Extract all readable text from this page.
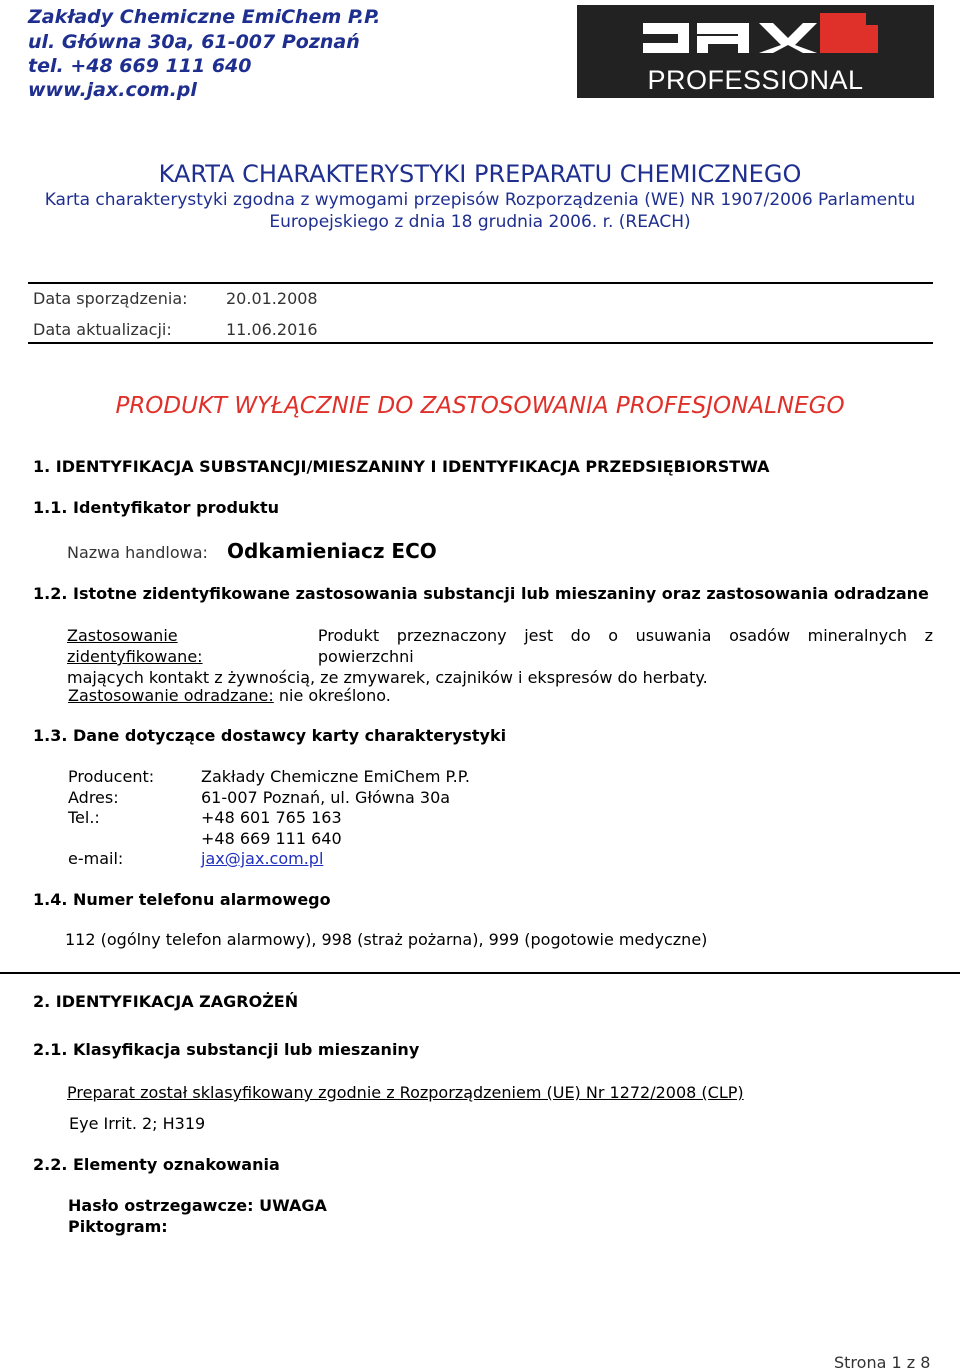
Zakłady Chemiczne EmiChem P.P.
ul. Główna 30a, 61-007 Poznań
tel. +48 669 111 640
www.jax.com.pl	PROFESSIONAL
KARTA CHARAKTERYSTYKI PREPARATU CHEMICZNEGO
Karta charakterystyki zgodna z wymogami przepisów Rozporządzenia (WE) NR 1907/2006 Parlamentu
Europejskiego z dnia 18 grudnia 2006. r. (REACH)
Data sporządzenia: 20.01.2008
Data aktualizacji:	11.06.2016
PRODUKT WYŁĄCZNIE DO ZASTOSOWANIA PROFESJONALNEGO
1. IDENTYFIKACJA SUBSTANCJI/MIESZANINY I IDENTYFIKACJA PRZEDSIĘBIORSTWA
1.1. Identyfikator produktu
Nazwa handlowa: Odkamieniacz ECO
1.2. Istotne zidentyfikowane zastosowania substancji lub mieszaniny oraz zastosowania odradzane
Zastosowanie zidentyfikowane:
Produkt przeznaczony jest do o usuwania osadów mineralnych z powierzchni
mających kontakt z żywnością, ze zmywarek, czajników i ekspresów do herbaty.
Zastosowanie odradzane: nie określono.
1.3. Dane dotyczące dostawcy karty charakterystyki
Producent:	Zakłady Chemiczne EmiChem P.P.
Adres:	61-007 Poznań, ul. Główna 30a
Tel.:	+48 601 765 163
+48 669 111 640
e-mail:	jax@jax.com.pl
1.4. Numer telefonu alarmowego
112 (ogólny telefon alarmowy), 998 (straż pożarna), 999 (pogotowie medyczne)
2. IDENTYFIKACJA ZAGROŻEŃ
2.1. Klasyfikacja substancji lub mieszaniny
Preparat został sklasyfikowany zgodnie z Rozporządzeniem (UE) Nr 1272/2008 (CLP)
Eye Irrit. 2; H319
2.2. Elementy oznakowania
Hasło ostrzegawcze: UWAGA
Piktogram:
Strona 1 z 8
